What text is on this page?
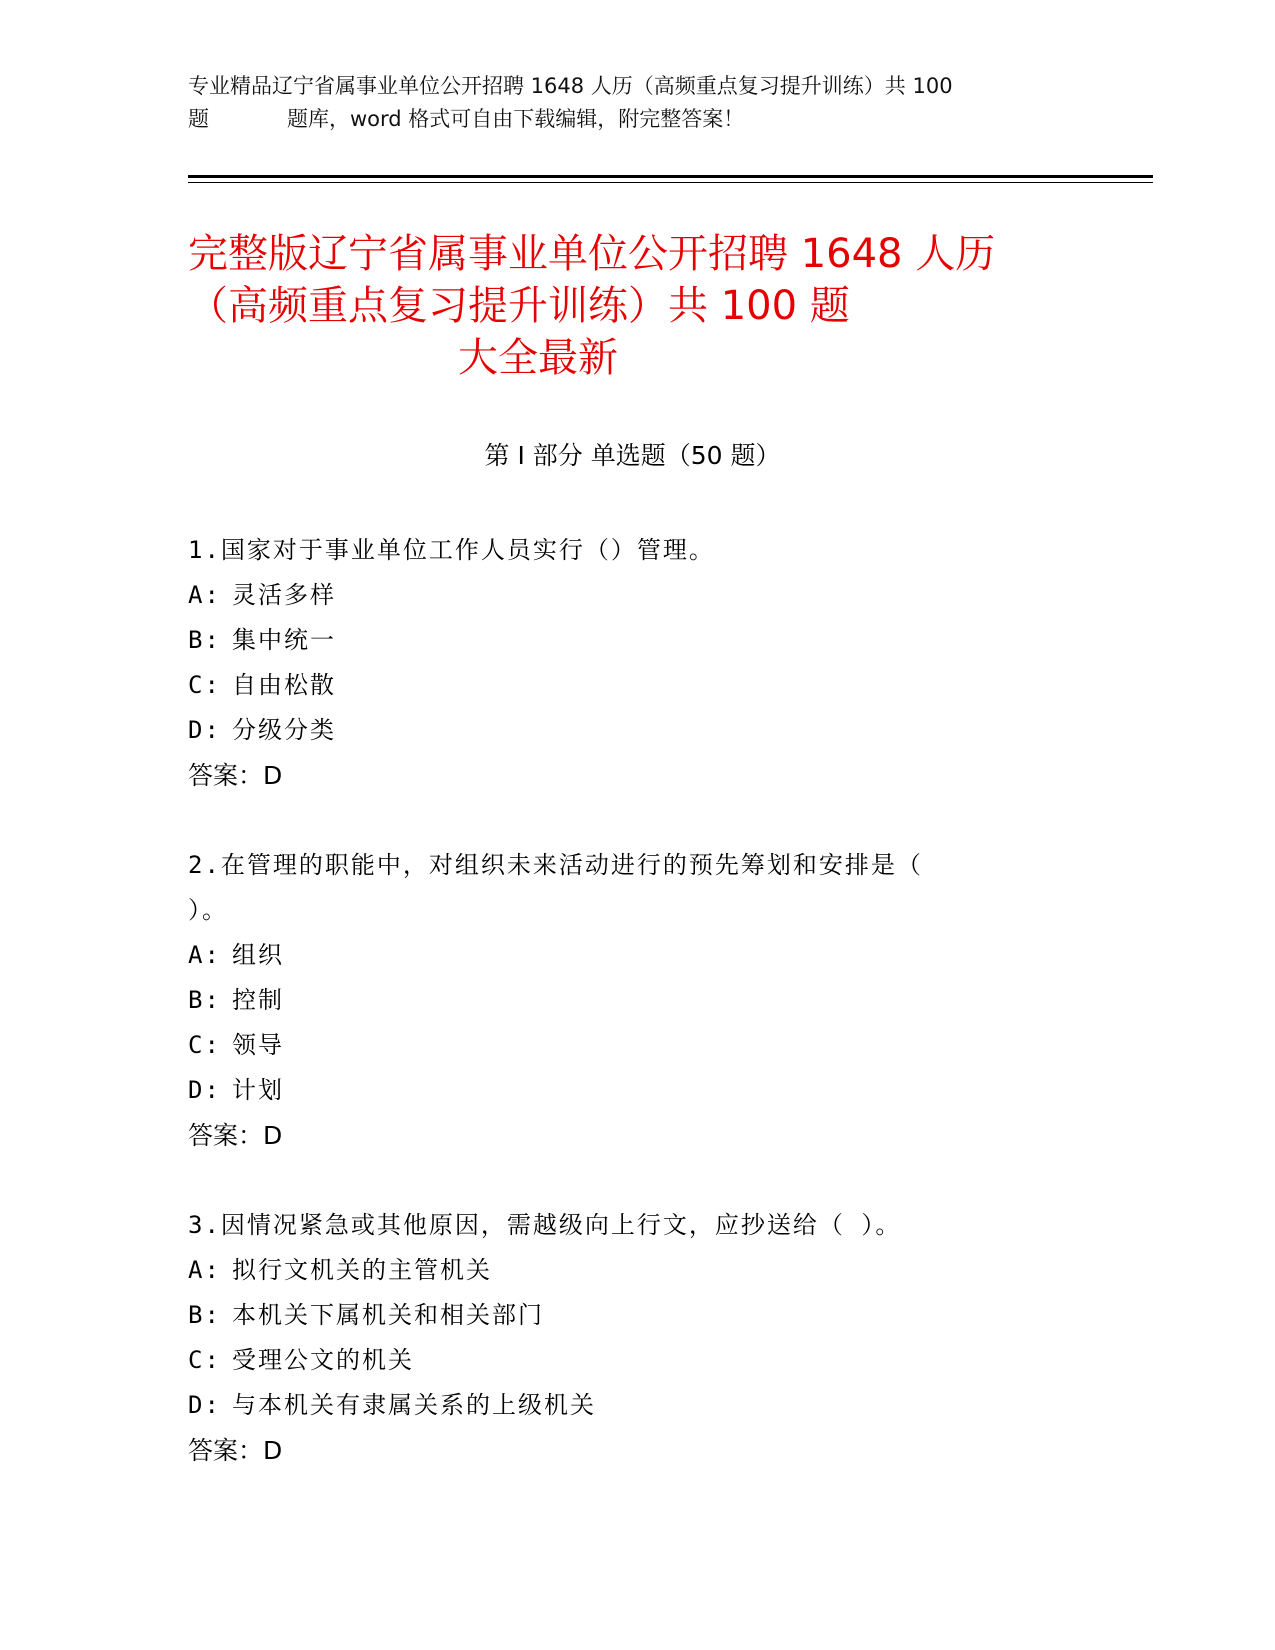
专业精品辽宁省属事业单位公开招聘 1648 人历（高频重点复习提升训练）共 100
题	题库，word 格式可自由下载编辑，附完整答案！
完整版辽宁省属事业单位公开招聘 1648 人历
（高频重点复习提升训练）共 100 题
大全最新
第 I 部分 单选题（50 题）
1.国家对于事业单位工作人员实行（）管理。
A: 灵活多样
B: 集中统一
C: 自由松散
D: 分级分类
答案：D
2.在管理的职能中，对组织未来活动进行的预先筹划和安排是（
）。
A: 组织
B: 控制
C: 领导
D: 计划
答案：D
3.因情况紧急或其他原因，需越级向上行文，应抄送给（ ）。
A: 拟行文机关的主管机关
B: 本机关下属机关和相关部门
C: 受理公文的机关
D: 与本机关有隶属关系的上级机关
答案：D
